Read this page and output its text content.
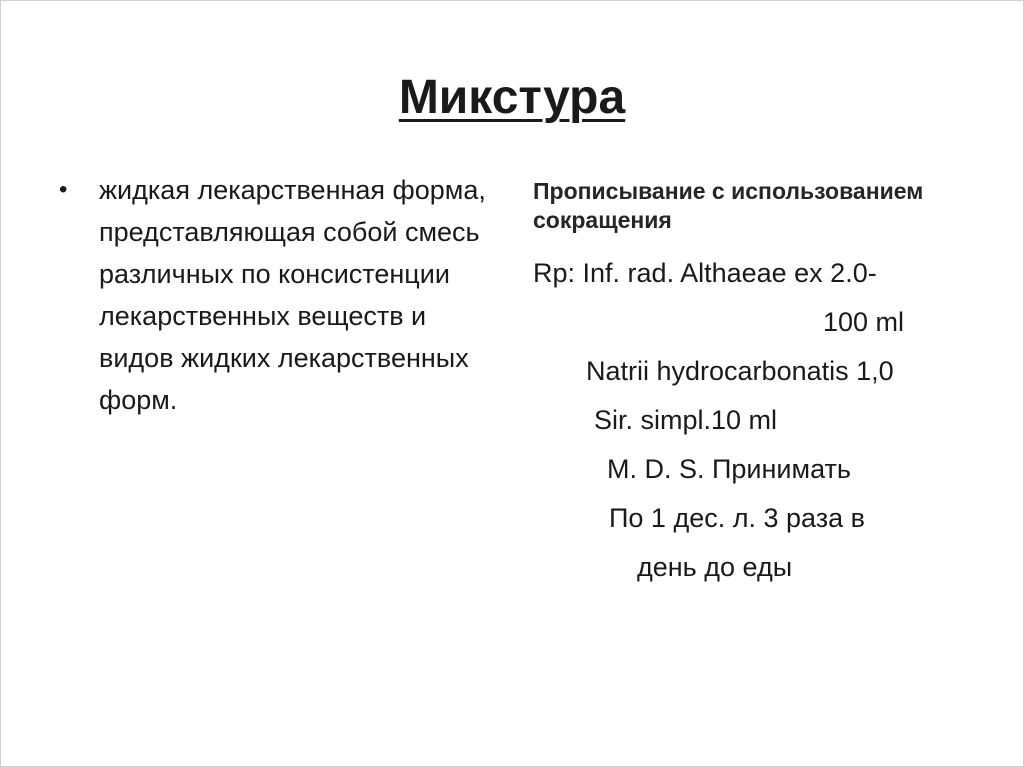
Микстура
• жидкая лекарственная форма, представляющая собой смесь различных по консистенции лекарственных веществ и видов жидких лекарственных форм.
Прописывание с использованием сокращения
Rp: Inf. rad. Althaeae ex 2.0-
100 ml
Natrii hydrocarbonatis 1,0
Sir. simpl.10 ml
M. D. S. Принимать
По 1 дес. л. 3 раза в
день до еды
